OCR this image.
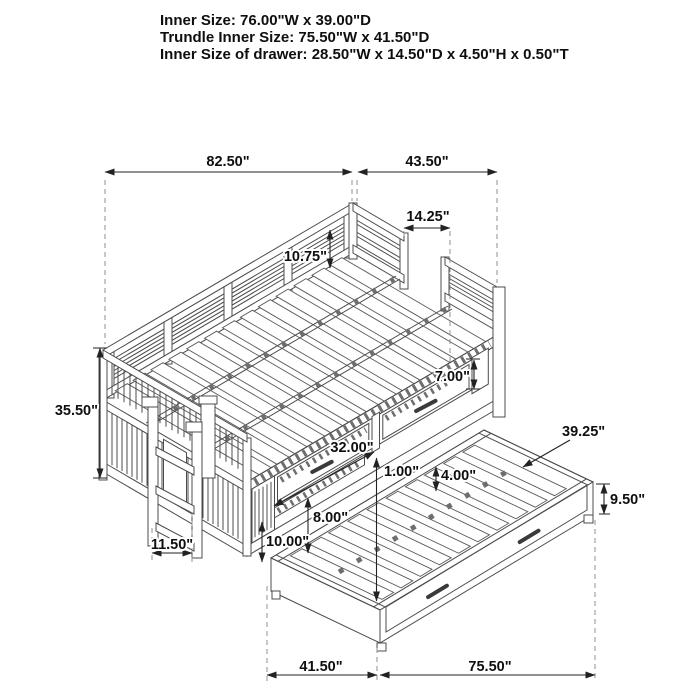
Inner Size: 76.00"W x 39.00"D
Trundle Inner Size: 75.50"W x 41.50"D
Inner Size of drawer: 28.50"W x 14.50"D x 4.50"H x 0.50"T
82.50"	43.50"
14.25"
10.75"
35.50"
7.00"
32.00"
39.25"
1.00" 4.00"
9.50"
8.00"
10.00"
11.50"
41.50"	75.50"
